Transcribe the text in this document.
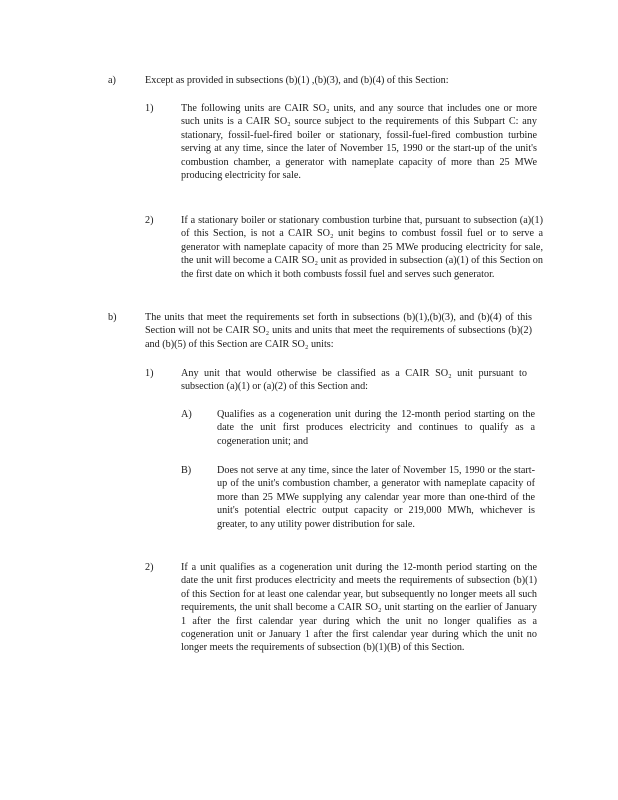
a)	Except as provided in subsections (b)(1) ,(b)(3), and (b)(4) of this Section:
1)	The following units are CAIR SO₂ units, and any source that includes one or more such units is a CAIR SO₂ source subject to the requirements of this Subpart C: any stationary, fossil-fuel-fired boiler or stationary, fossil-fuel-fired combustion turbine serving at any time, since the later of November 15, 1990 or the start-up of the unit's combustion chamber, a generator with nameplate capacity of more than 25 MWe producing electricity for sale.
2)	If a stationary boiler or stationary combustion turbine that, pursuant to subsection (a)(1) of this Section, is not a CAIR SO₂ unit begins to combust fossil fuel or to serve a generator with nameplate capacity of more than 25 MWe producing electricity for sale, the unit will become a CAIR SO₂ unit as provided in subsection (a)(1) of this Section on the first date on which it both combusts fossil fuel and serves such generator.
b)	The units that meet the requirements set forth in subsections (b)(1),(b)(3), and (b)(4) of this Section will not be CAIR SO₂ units and units that meet the requirements of subsections (b)(2) and (b)(5) of this Section are CAIR SO₂ units:
A) Qualifies as a cogeneration unit during the 12-month period starting on the date the unit first produces electricity and continues to qualify as a cogeneration unit; and
B)	Does not serve at any time, since the later of November 15, 1990 or the start-up of the unit's combustion chamber, a generator with nameplate capacity of more than 25 MWe supplying any calendar year more than one-third of the unit's potential electric output capacity or 219,000 MWh, whichever is greater, to any utility power distribution for sale.
2)	If a unit qualifies as a cogeneration unit during the 12-month period starting on the date the unit first produces electricity and meets the requirements of subsection (b)(1) of this Section for at least one calendar year, but subsequently no longer meets all such requirements, the unit shall become a CAIR SO₂ unit starting on the earlier of January 1 after the first calendar year during which the unit no longer qualifies as a cogeneration unit or January 1 after the first calendar year during which the unit no longer meets the requirements of subsection (b)(1)(B) of this Section.
1)	Any unit that would otherwise be classified as a CAIR SO₂ unit pursuant to subsection (a)(1) or (a)(2) of this Section and:
